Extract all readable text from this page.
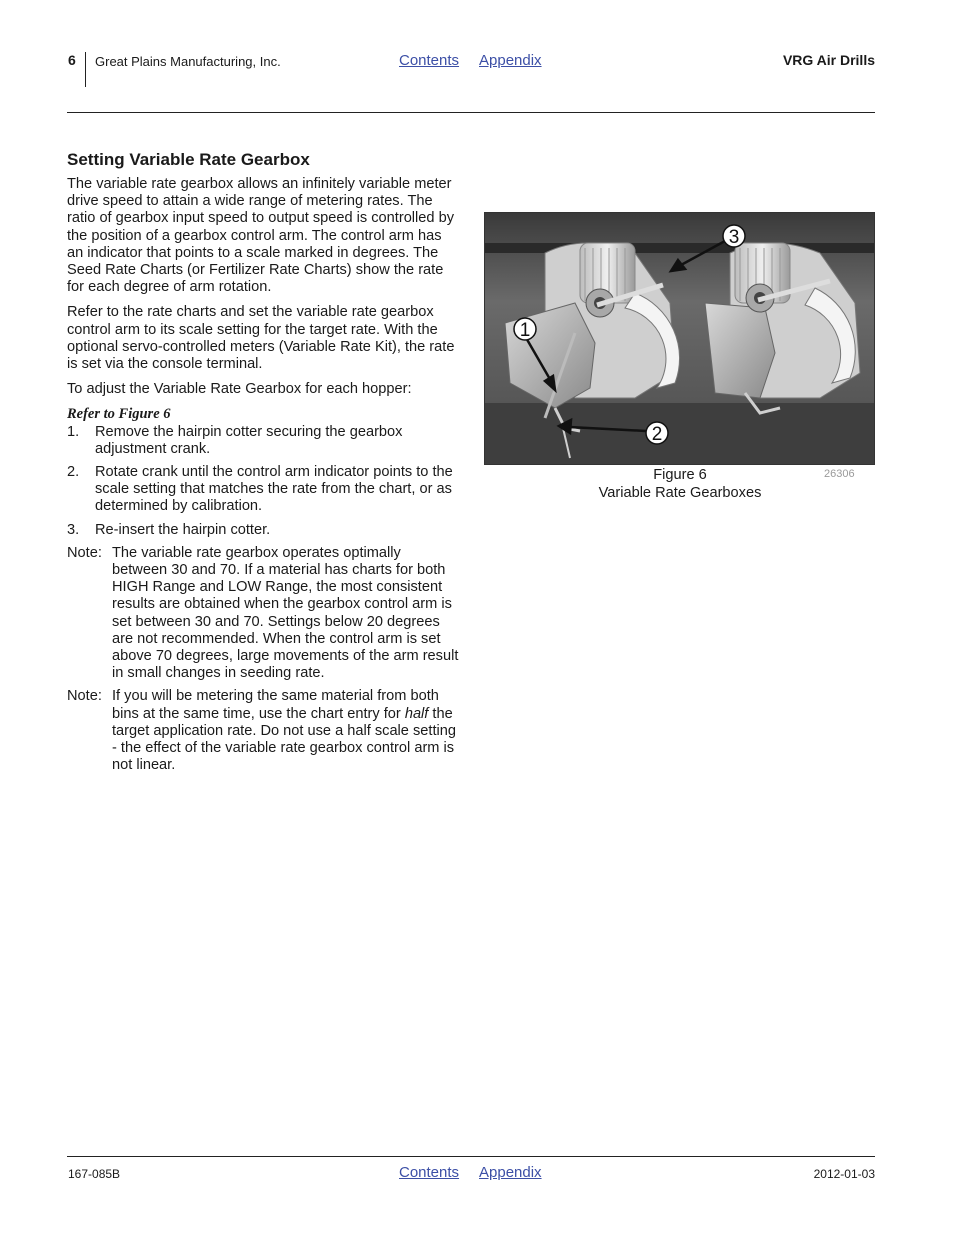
6 Great Plains Manufacturing, Inc.	Contents Appendix	VRG Air Drills
Setting Variable Rate Gearbox

The variable rate gearbox allows an infinitely variable meter drive speed to attain a wide range of metering rates. The ratio of gearbox input speed to output speed is controlled by the position of a gearbox control arm. The control arm has an indicator that points to a scale marked in degrees. The Seed Rate Charts (or Fertilizer Rate Charts) show the rate for each degree of arm rotation.

Refer to the rate charts and set the variable rate gearbox control arm to its scale setting for the target rate. With the optional servo-controlled meters (Variable Rate Kit), the rate is set via the console terminal.

To adjust the Variable Rate Gearbox for each hopper:

Refer to Figure 6
1.	Remove the hairpin cotter securing the gearbox adjustment crank.
2.	Rotate crank until the control arm indicator points to the scale setting that matches the rate from the chart, or as determined by calibration.
3.	Re-insert the hairpin cotter.
Note: The variable rate gearbox operates optimally between 30 and 70. If a material has charts for both HIGH Range and LOW Range, the most consistent results are obtained when the gearbox control arm is set between 30 and 70. Settings below 20 degrees are not recommended. When the control arm is set above 70 degrees, large movements of the arm result in small changes in seeding rate.
Note: If you will be metering the same material from both bins at the same time, use the chart entry for half the target application rate. Do not use a half scale setting - the effect of the variable rate gearbox control arm is not linear.
1
2
3
Figure 6
Variable Rate Gearboxes
26306
167-085B	Contents Appendix	2012-01-03
